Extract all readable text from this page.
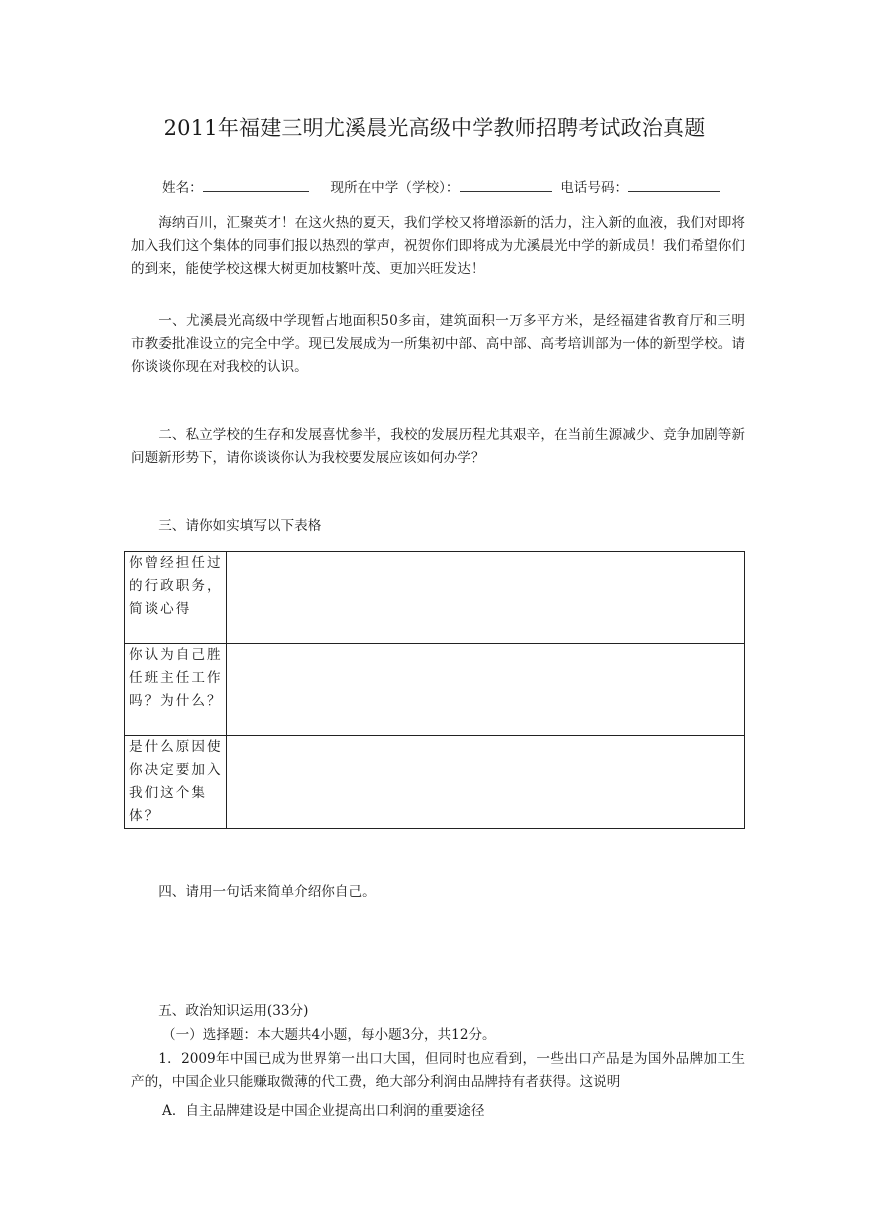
2011年福建三明尤溪晨光高级中学教师招聘考试政治真题
姓名：	现所在中学（学校）：	电话号码：
海纳百川，汇聚英才！在这火热的夏天，我们学校又将增添新的活力，注入新的血液，我们对即将加入我们这个集体的同事们报以热烈的掌声，祝贺你们即将成为尤溪晨光中学的新成员！我们希望你们的到来，能使学校这棵大树更加枝繁叶茂、更加兴旺发达！
一、尤溪晨光高级中学现暂占地面积50多亩，建筑面积一万多平方米，是经福建省教育厅和三明市教委批准设立的完全中学。现已发展成为一所集初中部、高中部、高考培训部为一体的新型学校。请你谈谈你现在对我校的认识。
二、私立学校的生存和发展喜忧参半，我校的发展历程尤其艰辛，在当前生源减少、竞争加剧等新问题新形势下，请你谈谈你认为我校要发展应该如何办学？
三、请你如实填写以下表格
你曾经担任过的行政职务，简谈心得	
你认为自己胜任班主任工作吗？为什么？	
是什么原因使你决定要加入我们这个集体？	
四、请用一句话来简单介绍你自己。
五、政治知识运用(33分)
（一）选择题：本大题共4小题，每小题3分，共12分。
1．2009年中国已成为世界第一出口大国，但同时也应看到，一些出口产品是为国外品牌加工生产的，中国企业只能赚取微薄的代工费，绝大部分利润由品牌持有者获得。这说明
A．自主品牌建设是中国企业提高出口利润的重要途径
